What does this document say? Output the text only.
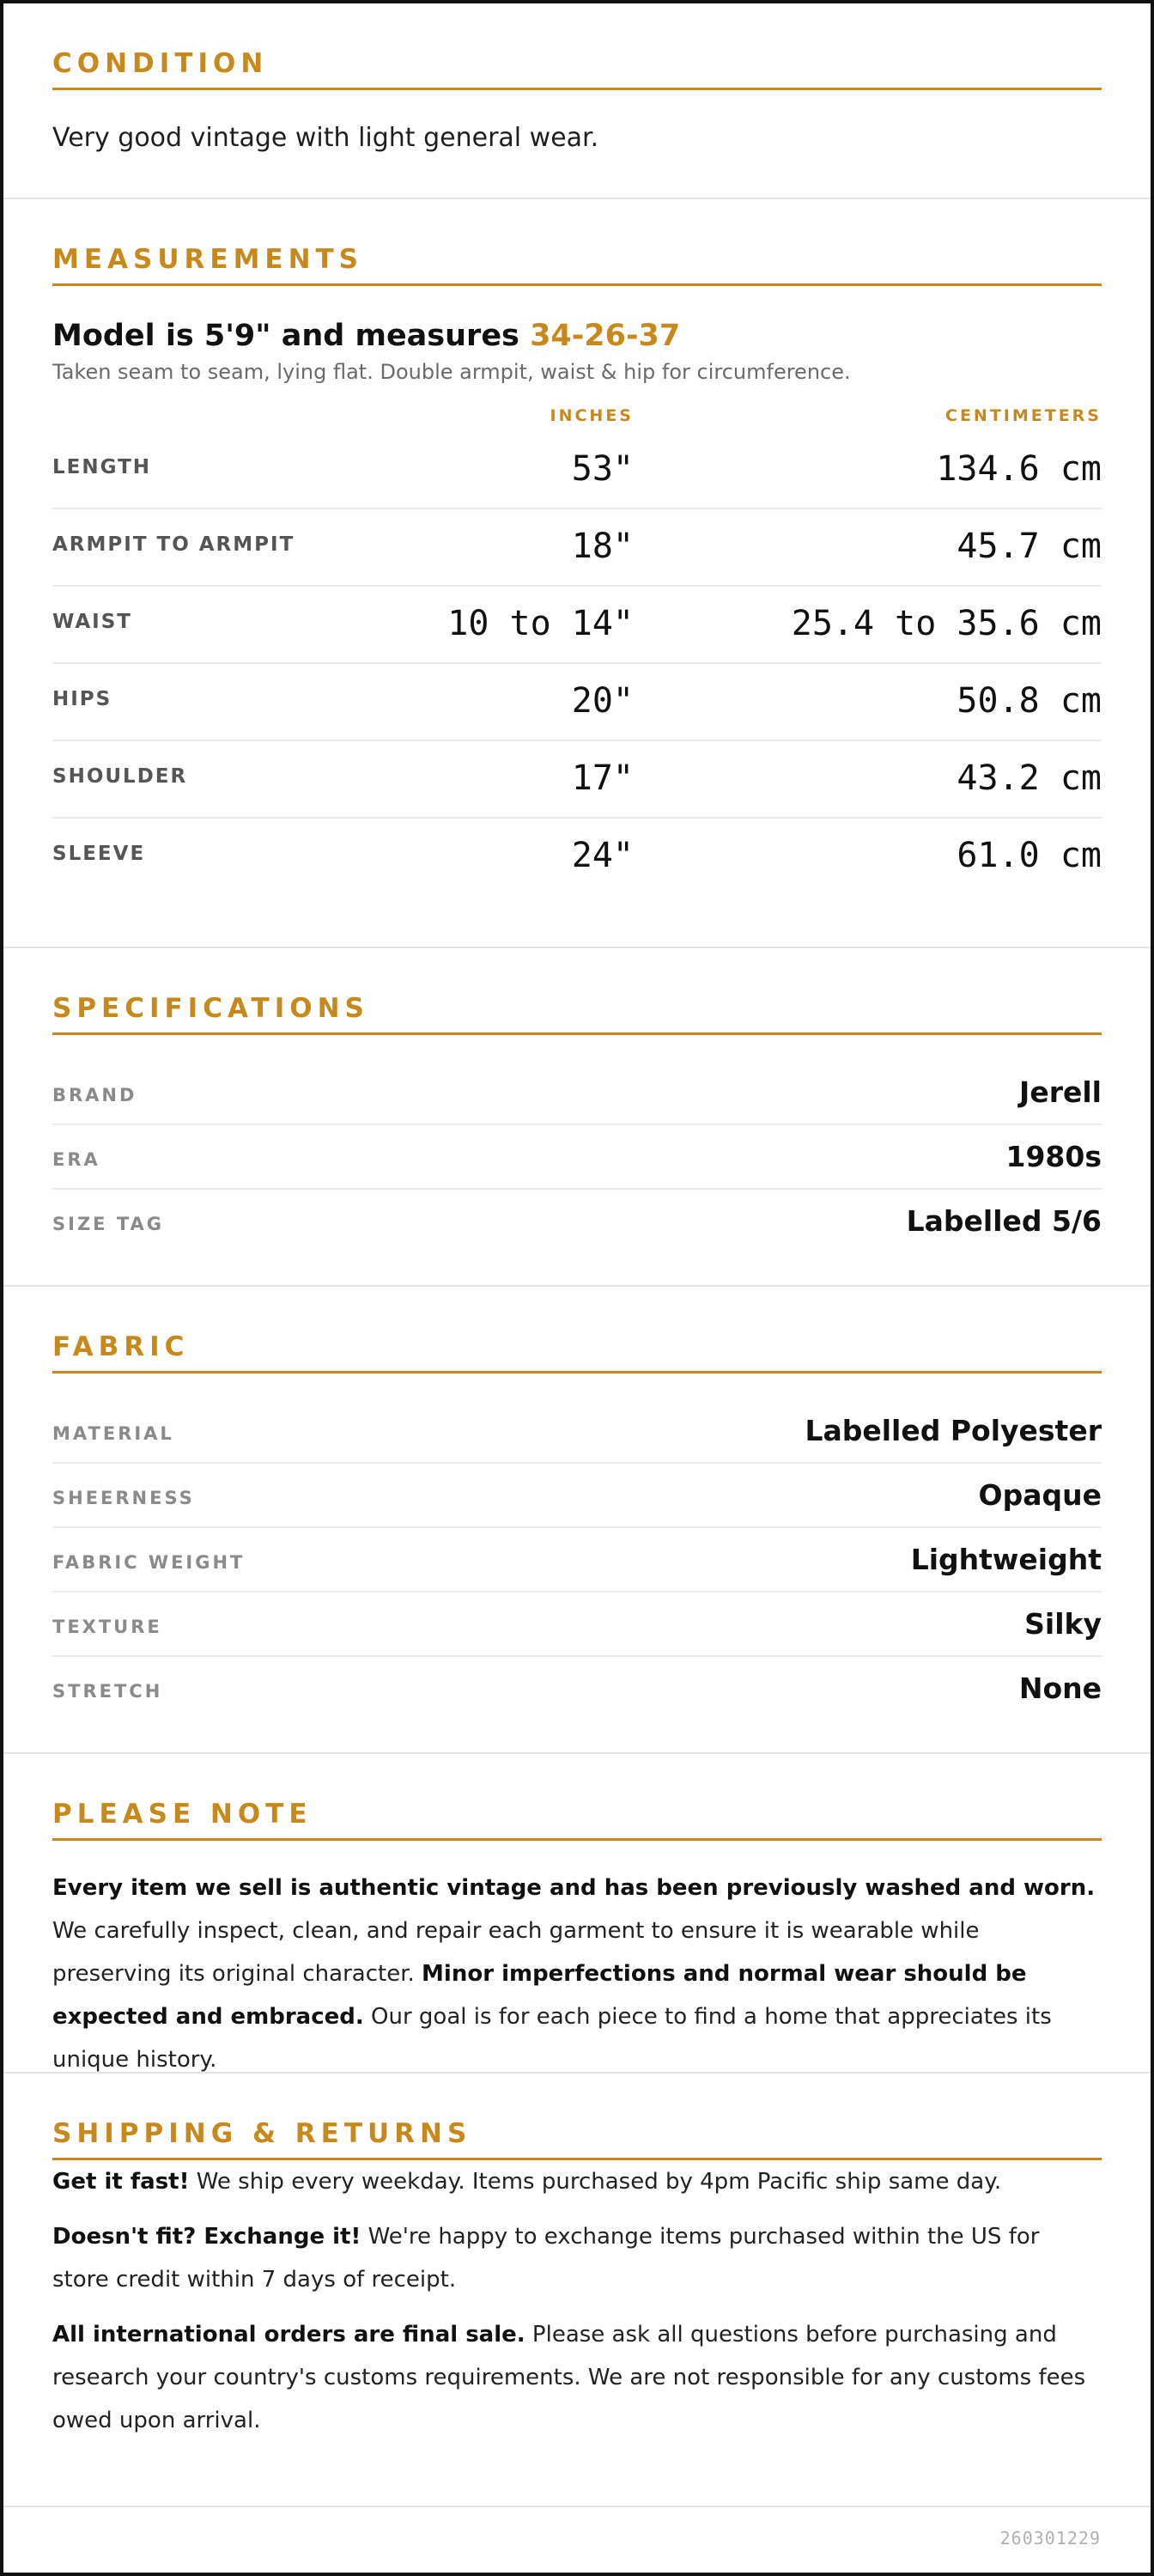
CONDITION
Very good vintage with light general wear.
MEASUREMENTS
Model is 5'9" and measures 34-26-37
Taken seam to seam, lying flat. Double armpit, waist & hip for circumference.
INCHES	CENTIMETERS
LENGTH	53"	134.6 cm
ARMPIT TO ARMPIT	18"	45.7 cm
WAIST	10 to 14"	25.4 to 35.6 cm
HIPS	20"	50.8 cm
SHOULDER	17"	43.2 cm
SLEEVE	24"	61.0 cm
SPECIFICATIONS
BRAND	Jerell
ERA	1980s
SIZE TAG	Labelled 5/6
FABRIC
MATERIAL	Labelled Polyester
SHEERNESS	Opaque
FABRIC WEIGHT	Lightweight
TEXTURE	Silky
STRETCH	None
PLEASE NOTE
Every item we sell is authentic vintage and has been previously washed and worn. We carefully inspect, clean, and repair each garment to ensure it is wearable while preserving its original character. Minor imperfections and normal wear should be expected and embraced. Our goal is for each piece to find a home that appreciates its unique history.
SHIPPING & RETURNS

Get it fast! We ship every weekday. Items purchased by 4pm Pacific ship same day.

Doesn't fit? Exchange it! We're happy to exchange items purchased within the US for store credit within 7 days of receipt.

All international orders are final sale. Please ask all questions before purchasing and research your country's customs requirements. We are not responsible for any customs fees owed upon arrival.

260301229
